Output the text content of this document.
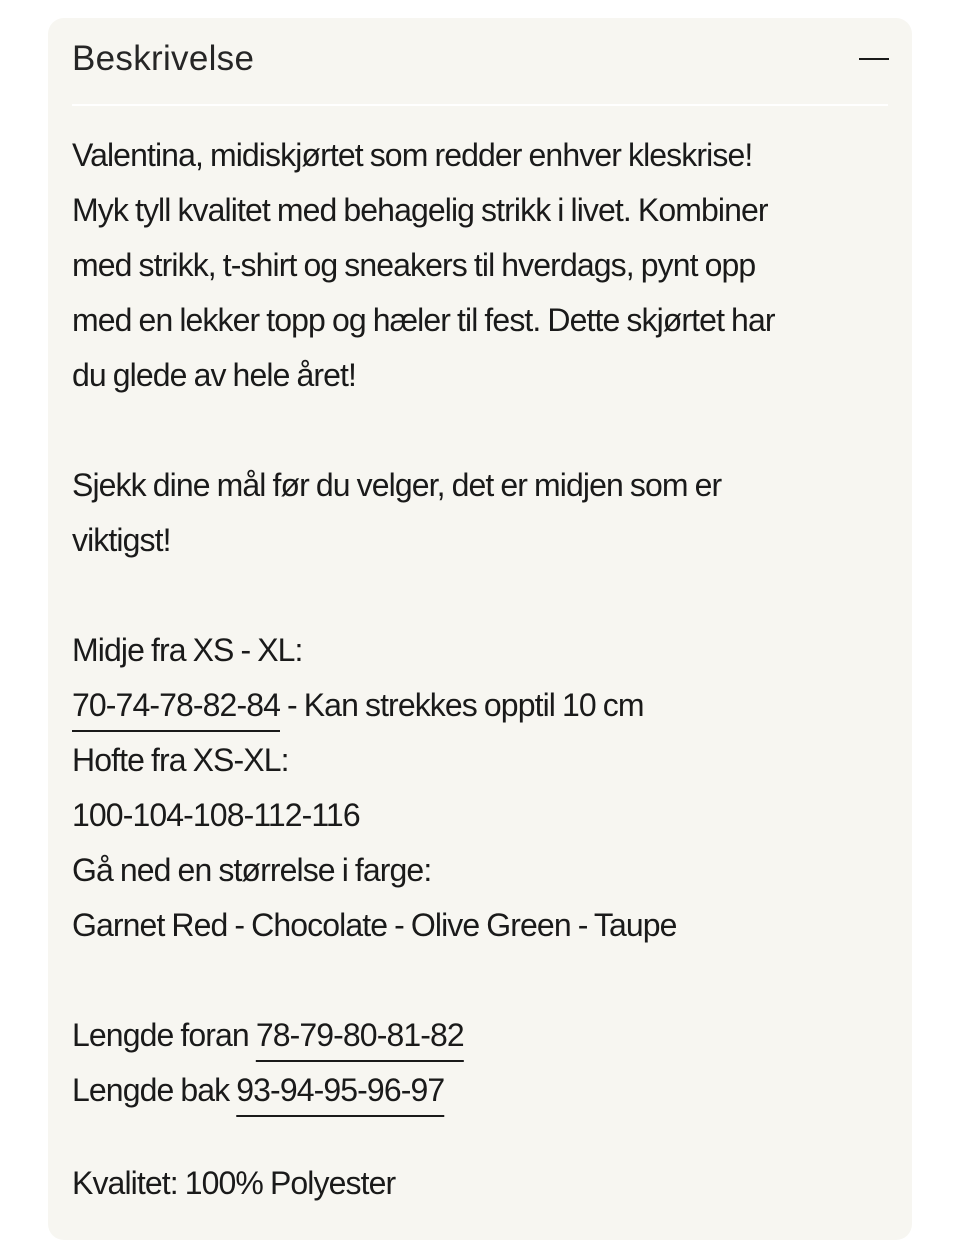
Beskrivelse

Valentina, midiskjørtet som redder enhver kleskrise!

Myk tyll kvalitet med behagelig strikk i livet. Kombiner

med strikk, t-shirt og sneakers til hverdags, pynt opp

med en lekker topp og hæler til fest. Dette skjørtet har

du glede av hele året!

Sjekk dine mål før du velger, det er midjen som er

viktigst!

Midje fra XS - XL:

70-74-78-82-84 - Kan strekkes opptil 10 cm

Hofte fra XS-XL:

100-104-108-112-116

Gå ned en størrelse i farge:

Garnet Red - Chocolate - Olive Green - Taupe

Lengde foran 78-79-80-81-82

Lengde bak 93-94-95-96-97

Kvalitet: 100% Polyester
